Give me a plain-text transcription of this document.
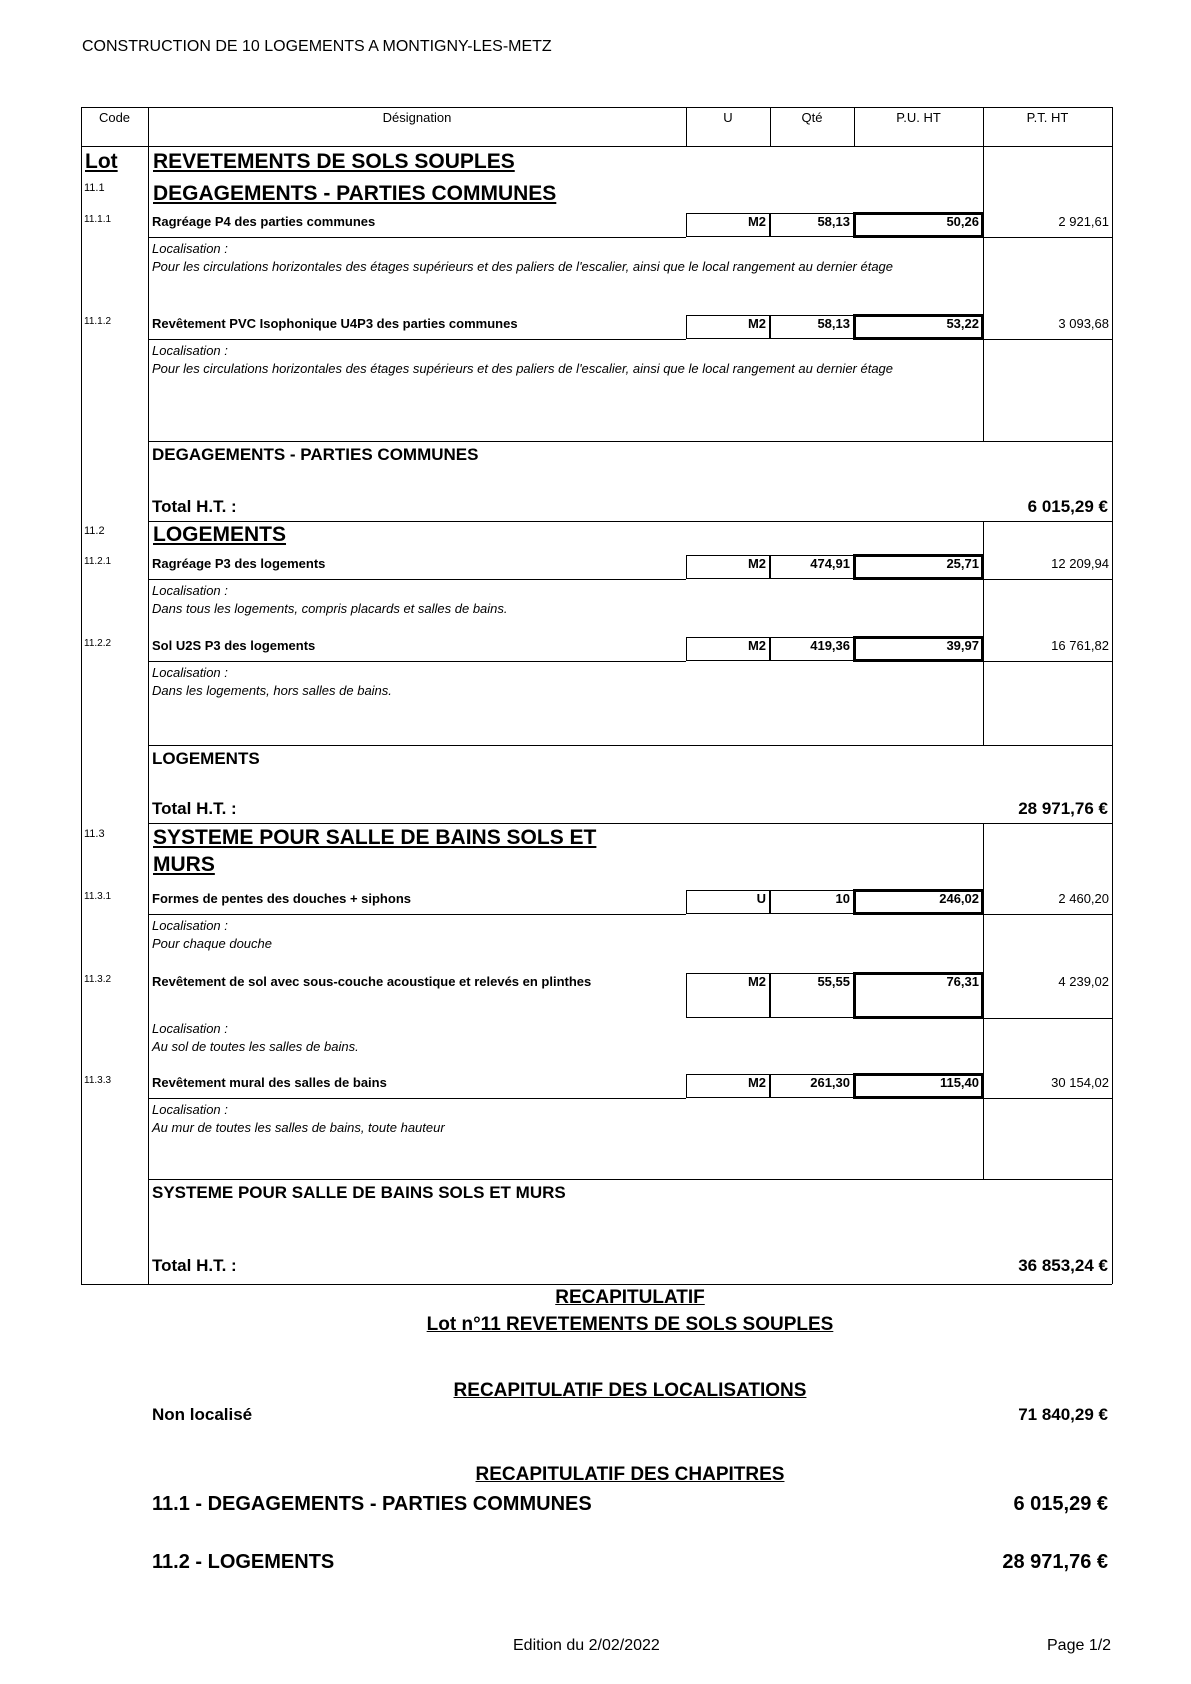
CONSTRUCTION DE 10 LOGEMENTS A MONTIGNY-LES-METZ
Code	Désignation	U	Qté	P.U. HT	P.T. HT
Lot REVETEMENTS DE SOLS SOUPLES
11.1 DEGAGEMENTS - PARTIES COMMUNES
11.1.1	Ragréage P4 des parties communes	M2	58,13	50,26	2 921,61
Localisation :
Pour les circulations horizontales des étages supérieurs et des paliers de l'escalier, ainsi que le local rangement au dernier étage
11.1.2	Revêtement PVC Isophonique U4P3 des parties communes	M2	58,13	53,22	3 093,68
Localisation :
Pour les circulations horizontales des étages supérieurs et des paliers de l'escalier, ainsi que le local rangement au dernier étage
DEGAGEMENTS - PARTIES COMMUNES
Total H.T. :	6 015,29 €
11.2 LOGEMENTS
11.2.1	Ragréage P3 des logements	M2	474,91	25,71	12 209,94
Localisation :
Dans tous les logements, compris placards et salles de bains.
11.2.2	Sol U2S P3 des logements	M2	419,36	39,97	16 761,82
Localisation :
Dans les logements, hors salles de bains.
LOGEMENTS
Total H.T. :	28 971,76 €
11.3 SYSTEME POUR SALLE DE BAINS SOLS ET
MURS
11.3.1	Formes de pentes des douches + siphons	U	10	246,02	2 460,20
Localisation :
Pour chaque douche
11.3.2	Revêtement de sol avec sous-couche acoustique et relevés en plinthes	M2	55,55	76,31	4 239,02
Localisation :
Au sol de toutes les salles de bains.
11.3.3	Revêtement mural des salles de bains	M2	261,30	115,40	30 154,02
Localisation :
Au mur de toutes les salles de bains, toute hauteur
SYSTEME POUR SALLE DE BAINS SOLS ET MURS
Total H.T. :	36 853,24 €
RECAPITULATIF
Lot n°11 REVETEMENTS DE SOLS SOUPLES
RECAPITULATIF DES LOCALISATIONS
Non localisé	71 840,29 €
RECAPITULATIF DES CHAPITRES
11.1 - DEGAGEMENTS - PARTIES COMMUNES	6 015,29 €
11.2 - LOGEMENTS	28 971,76 €
Edition du 2/02/2022	Page 1/2
